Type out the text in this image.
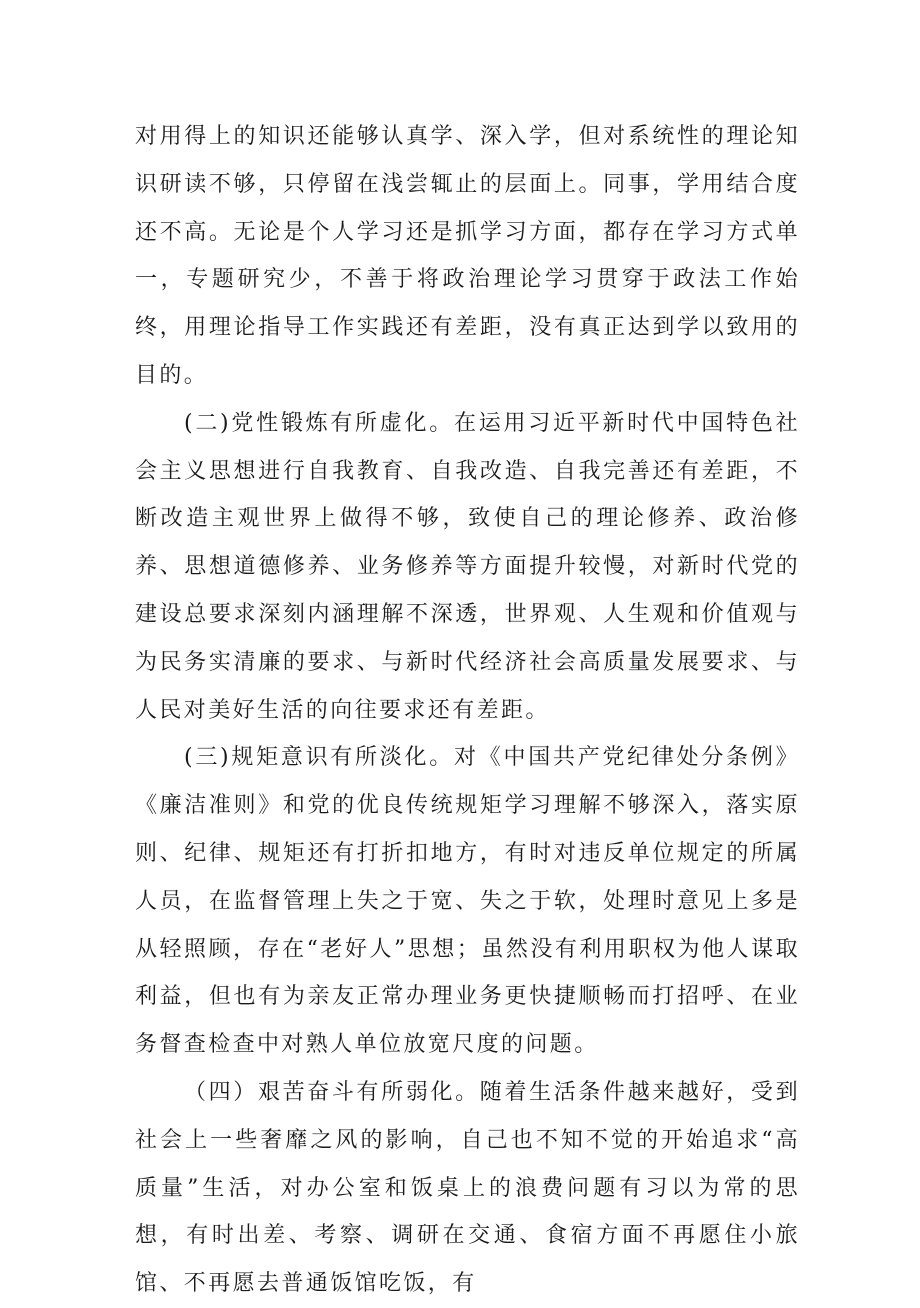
对用得上的知识还能够认真学、深入学，但对系统性的理论知识研读不够，只停留在浅尝辄止的层面上。同事，学用结合度还不高。无论是个人学习还是抓学习方面，都存在学习方式单一，专题研究少，不善于将政治理论学习贯穿于政法工作始终，用理论指导工作实践还有差距，没有真正达到学以致用的目的。

(二)党性锻炼有所虚化。在运用习近平新时代中国特色社会主义思想进行自我教育、自我改造、自我完善还有差距，不断改造主观世界上做得不够，致使自己的理论修养、政治修养、思想道德修养、业务修养等方面提升较慢，对新时代党的建设总要求深刻内涵理解不深透，世界观、人生观和价值观与为民务实清廉的要求、与新时代经济社会高质量发展要求、与人民对美好生活的向往要求还有差距。

(三)规矩意识有所淡化。对《中国共产党纪律处分条例》《廉洁准则》和党的优良传统规矩学习理解不够深入，落实原则、纪律、规矩还有打折扣地方，有时对违反单位规定的所属人员，在监督管理上失之于宽、失之于软，处理时意见上多是从轻照顾，存在“老好人”思想；虽然没有利用职权为他人谋取利益，但也有为亲友正常办理业务更快捷顺畅而打招呼、在业务督查检查中对熟人单位放宽尺度的问题。

（四）艰苦奋斗有所弱化。随着生活条件越来越好，受到社会上一些奢靡之风的影响，自己也不知不觉的开始追求“高质量”生活，对办公室和饭桌上的浪费问题有习以为常的思想，有时出差、考察、调研在交通、食宿方面不再愿住小旅馆、不再愿去普通饭馆吃饭，有
